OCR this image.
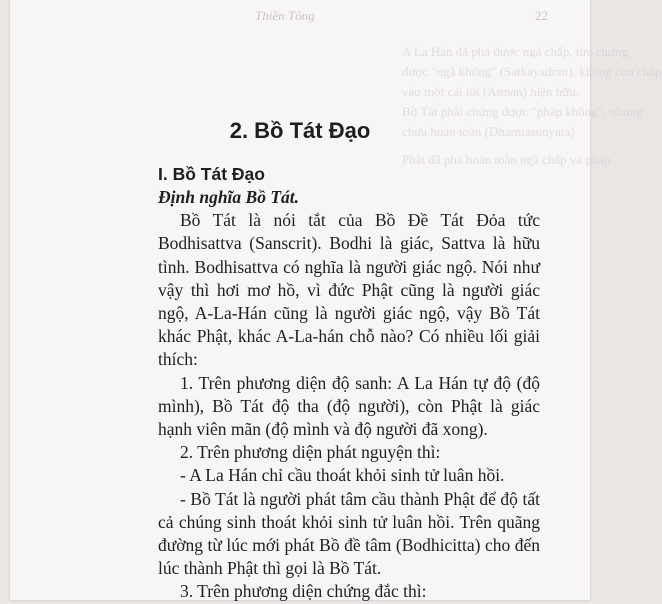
A La Hán đã phá được ngã chấp, tức chứng
được "ngã không" (Satkayadrsti), không còn chấp
vào một cái tôi (Atman) hiện hữu.
Bồ Tát phải chứng được "pháp không", nhưng
chưa hoàn toàn (Dharmasunyata)
Phật đã phá hoàn toàn ngã chấp và pháp
Thiền Tông	22
2. Bồ Tát Đạo
I. Bồ Tát Đạo

Định nghĩa Bồ Tát.

Bồ Tát là nói tắt của Bồ Đề Tát Đỏa tức Bodhisattva (Sanscrit). Bodhi là giác, Sattva là hữu tình. Bodhisattva có nghĩa là người giác ngộ. Nói như vậy thì hơi mơ hồ, vì đức Phật cũng là người giác ngộ, A-La-Hán cũng là người giác ngộ, vậy Bồ Tát khác Phật, khác A-La-hán chỗ nào? Có nhiều lối giải thích:

1. Trên phương diện độ sanh: A La Hán tự độ (độ mình), Bồ Tát độ tha (độ người), còn Phật là giác hạnh viên mãn (độ mình và độ người đã xong).

2. Trên phương diện phát nguyện thì:

- A La Hán chỉ cầu thoát khỏi sinh tử luân hồi.

- Bồ Tát là người phát tâm cầu thành Phật để độ tất cả chúng sinh thoát khỏi sinh tử luân hồi. Trên quãng đường từ lúc mới phát Bồ đề tâm (Bodhicitta) cho đến lúc thành Phật thì gọi là Bồ Tát.

3. Trên phương diện chứng đắc thì:
